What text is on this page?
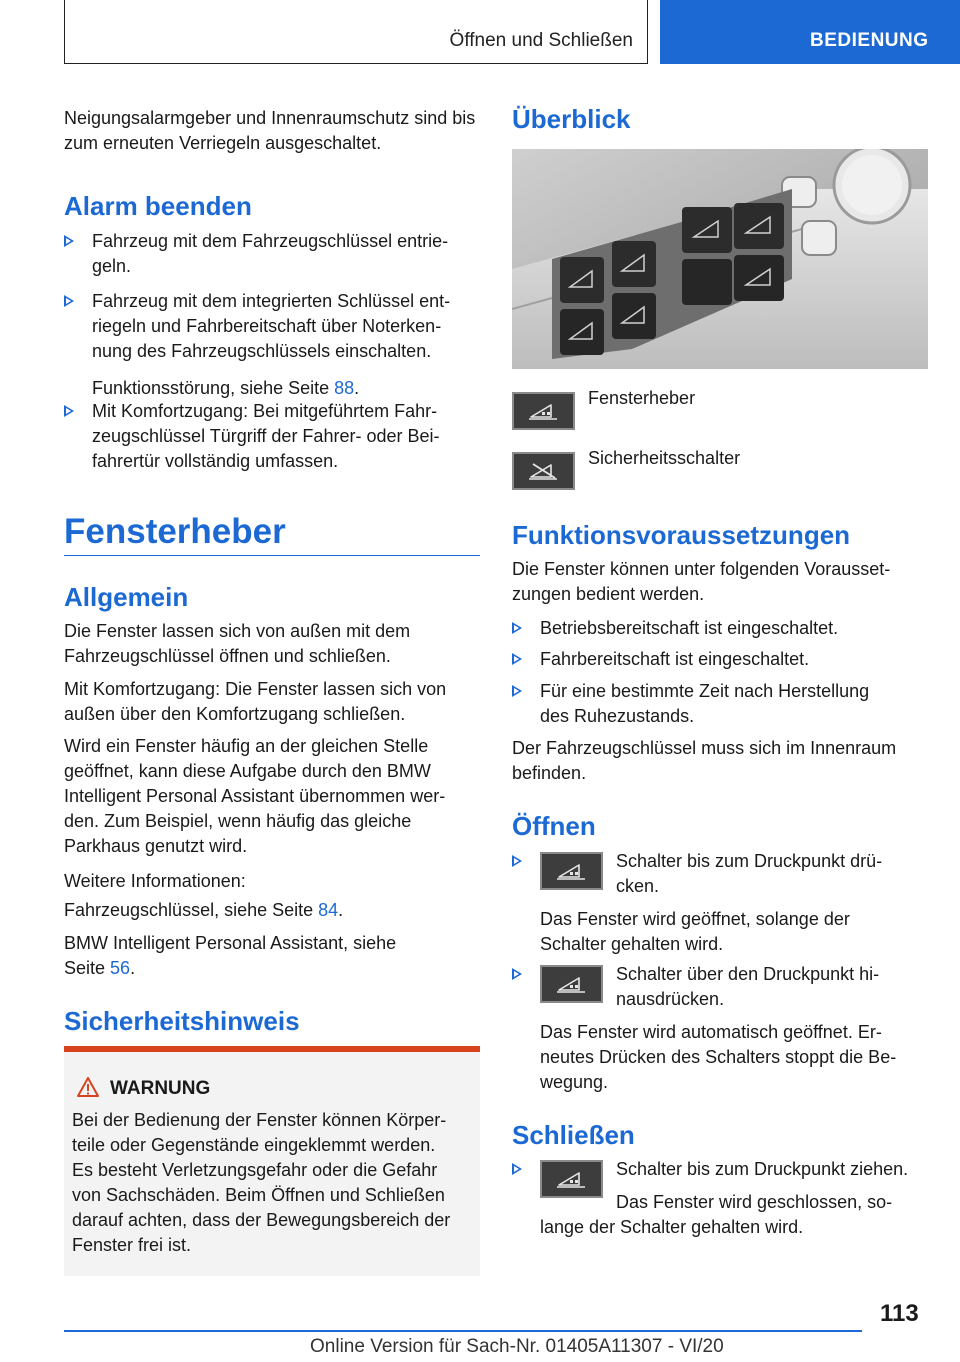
Öffnen und Schließen	BEDIENUNG

Neigungsalarmgeber und Innenraumschutz sind bis zum erneuten Verriegeln ausgeschaltet.

Alarm beenden

Fahrzeug mit dem Fahrzeugschlüssel entrie-
geln.

Fahrzeug mit dem integrierten Schlüssel ent-
riegeln und Fahrbereitschaft über Noterken-
nung des Fahrzeugschlüssels einschalten.

Funktionsstörung, siehe Seite 88.

Mit Komfortzugang: Bei mitgeführtem Fahr-
zeugschlüssel Türgriff der Fahrer- oder Bei-
fahrertür vollständig umfassen.

Fensterheber
Allgemein

Die Fenster lassen sich von außen mit dem
Fahrzeugschlüssel öffnen und schließen.

Mit Komfortzugang: Die Fenster lassen sich von
außen über den Komfortzugang schließen.

Wird ein Fenster häufig an der gleichen Stelle
geöffnet, kann diese Aufgabe durch den BMW
Intelligent Personal Assistant übernommen wer-
den. Zum Beispiel, wenn häufig das gleiche
Parkhaus genutzt wird.

Weitere Informationen:

Fahrzeugschlüssel, siehe Seite 84.

BMW Intelligent Personal Assistant, siehe
Seite 56.

Sicherheitshinweis
WARNUNG

Bei der Bedienung der Fenster können Körper-
teile oder Gegenstände eingeklemmt werden.
Es besteht Verletzungsgefahr oder die Gefahr
von Sachschäden. Beim Öffnen und Schließen
darauf achten, dass der Bewegungsbereich der
Fenster frei ist.

Überblick
Fensterheber
Sicherheitsschalter
Funktionsvoraussetzungen

Die Fenster können unter folgenden Vorausset-
zungen bedient werden.

Betriebsbereitschaft ist eingeschaltet.

Fahrbereitschaft ist eingeschaltet.

Für eine bestimmte Zeit nach Herstellung
des Ruhezustands.

Der Fahrzeugschlüssel muss sich im Innenraum
befinden.

Öffnen

Schalter bis zum Druckpunkt drü-
cken.

Das Fenster wird geöffnet, solange der
Schalter gehalten wird.

Schalter über den Druckpunkt hi-
nausdrücken.

Das Fenster wird automatisch geöffnet. Er-
neutes Drücken des Schalters stoppt die Be-
wegung.

Schließen

Schalter bis zum Druckpunkt ziehen.

Das Fenster wird geschlossen, so-

lange der Schalter gehalten wird.

113
Online Version für Sach-Nr. 01405A11307 - VI/20
